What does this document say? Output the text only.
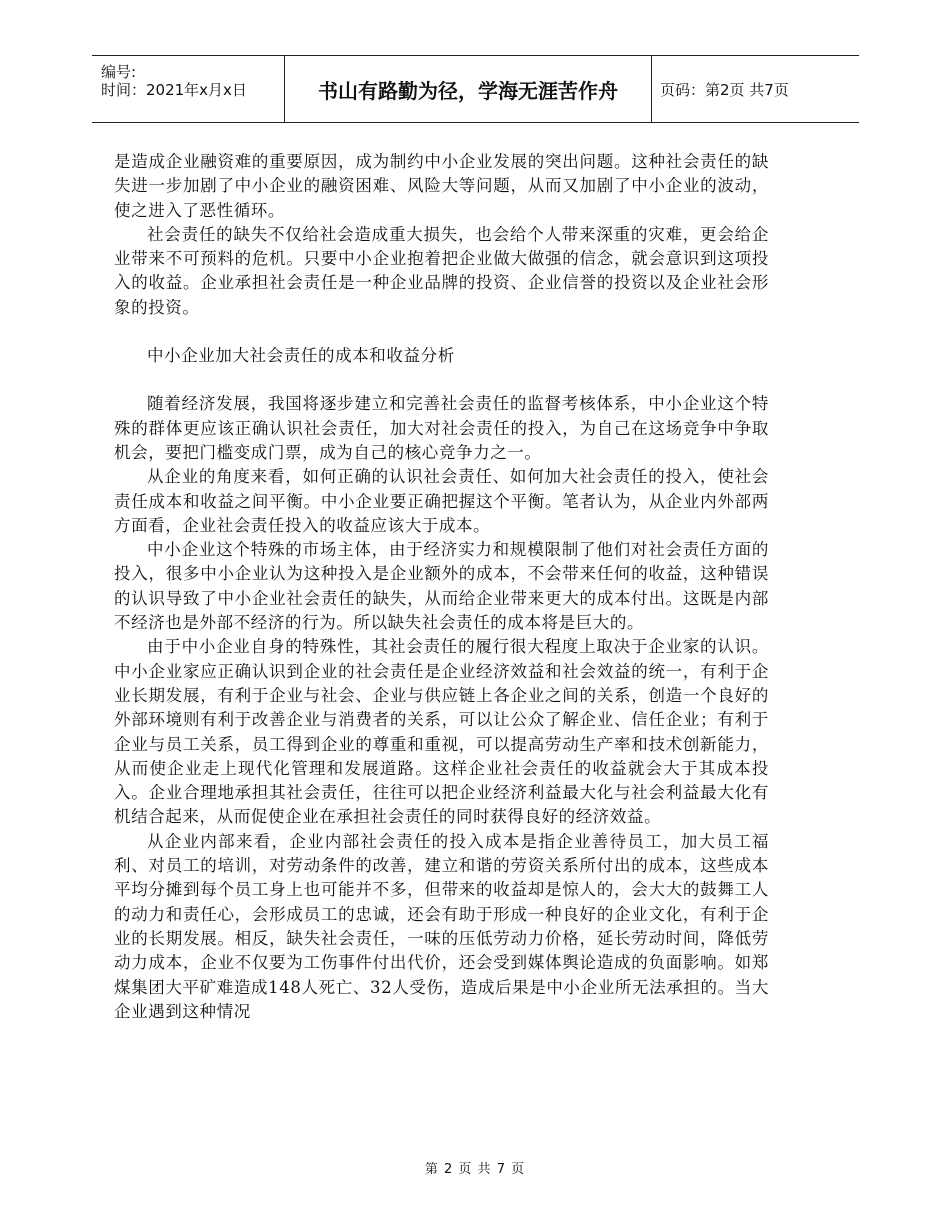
编号:
时间：2021年x月x日	书山有路勤为径，学海无涯苦作舟	页码：第2页 共7页

是造成企业融资难的重要原因，成为制约中小企业发展的突出问题。这种社会责任的缺失进一步加剧了中小企业的融资困难、风险大等问题，从而又加剧了中小企业的波动，使之进入了恶性循环。

社会责任的缺失不仅给社会造成重大损失，也会给个人带来深重的灾难，更会给企业带来不可预料的危机。只要中小企业抱着把企业做大做强的信念，就会意识到这项投入的收益。企业承担社会责任是一种企业品牌的投资、企业信誉的投资以及企业社会形象的投资。

中小企业加大社会责任的成本和收益分析

随着经济发展，我国将逐步建立和完善社会责任的监督考核体系，中小企业这个特殊的群体更应该正确认识社会责任，加大对社会责任的投入，为自己在这场竞争中争取机会，要把门槛变成门票，成为自己的核心竞争力之一。

从企业的角度来看，如何正确的认识社会责任、如何加大社会责任的投入，使社会责任成本和收益之间平衡。中小企业要正确把握这个平衡。笔者认为，从企业内外部两方面看，企业社会责任投入的收益应该大于成本。

中小企业这个特殊的市场主体，由于经济实力和规模限制了他们对社会责任方面的投入，很多中小企业认为这种投入是企业额外的成本，不会带来任何的收益，这种错误的认识导致了中小企业社会责任的缺失，从而给企业带来更大的成本付出。这既是内部不经济也是外部不经济的行为。所以缺失社会责任的成本将是巨大的。

由于中小企业自身的特殊性，其社会责任的履行很大程度上取决于企业家的认识。中小企业家应正确认识到企业的社会责任是企业经济效益和社会效益的统一，有利于企业长期发展，有利于企业与社会、企业与供应链上各企业之间的关系，创造一个良好的外部环境则有利于改善企业与消费者的关系，可以让公众了解企业、信任企业；有利于企业与员工关系，员工得到企业的尊重和重视，可以提高劳动生产率和技术创新能力，从而使企业走上现代化管理和发展道路。这样企业社会责任的收益就会大于其成本投入。企业合理地承担其社会责任，往往可以把企业经济利益最大化与社会利益最大化有机结合起来，从而促使企业在承担社会责任的同时获得良好的经济效益。

从企业内部来看，企业内部社会责任的投入成本是指企业善待员工，加大员工福利、对员工的培训，对劳动条件的改善，建立和谐的劳资关系所付出的成本，这些成本平均分摊到每个员工身上也可能并不多，但带来的收益却是惊人的，会大大的鼓舞工人的动力和责任心，会形成员工的忠诚，还会有助于形成一种良好的企业文化，有利于企业的长期发展。相反，缺失社会责任，一味的压低劳动力价格，延长劳动时间，降低劳动力成本，企业不仅要为工伤事件付出代价，还会受到媒体舆论造成的负面影响。如郑煤集团大平矿难造成148人死亡、32人受伤，造成后果是中小企业所无法承担的。当大企业遇到这种情况

第 2 页 共 7 页
